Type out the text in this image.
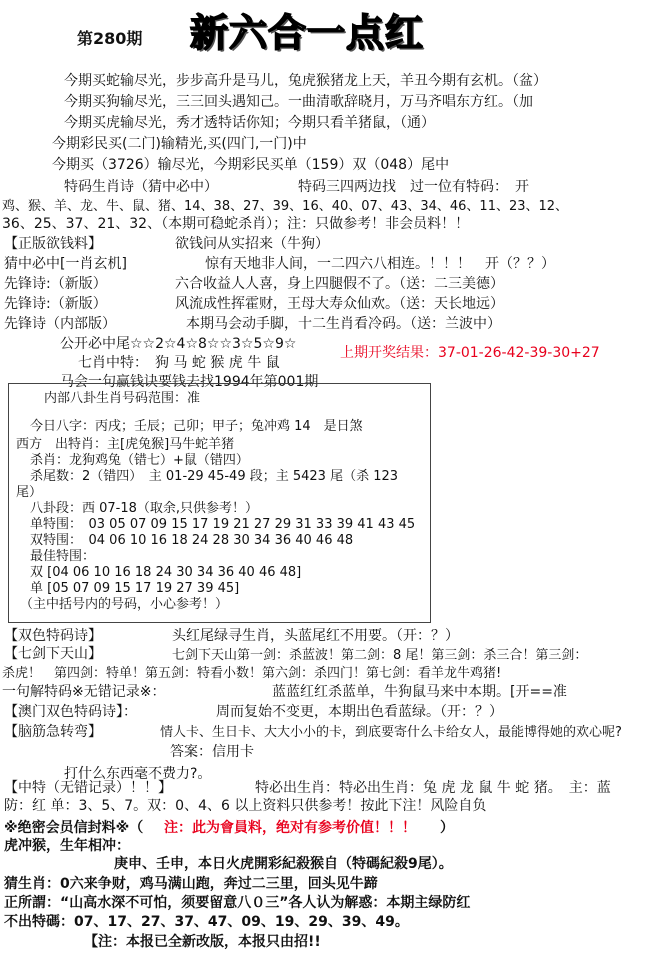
第280期 新六合一点红
今期买蛇输尽光，步步高升是马儿，兔虎猴猪龙上天，羊丑今期有玄机。（盆）
今期买狗输尽光，三三回头遇知己。一曲清歌辞晓月，万马齐唱东方红。（加
今期买虎输尽光，秀才透特话你知；今期只看羊猪鼠，（通）
今期彩民买(二门)输精光,买(四门,一门)中
今期买（3726）输尽光，今期彩民买单（159）双（048）尾中
特码生肖诗（猜中必中）	特码三四两边找　过一位有特码：　开
鸡、猴、羊、龙、牛、鼠、猪、14、38、27、39、16、40、07、43、34、46、11、23、12、
36、25、37、21、32、（本期可稳蛇杀肖）；注：只做参考！非会员料！！
【正版欲钱料】	欲钱问从实招来（牛狗）
猜中必中[一肖玄机]	惊有天地非人间，一二四六八相连。！！！　开（？？）
先锋诗:（新版）	六合收益人人喜，身上四腿假不了。（送：二三美德）
先锋诗:（新版）	风流成性挥霍财，王母大寿众仙欢。（送：天长地远）
先锋诗（内部版）	本期马会动手脚，十二生肖看冷码。（送：兰波中）
公开必中尾☆☆2☆4☆8☆☆3☆5☆9☆
七肖中特：　狗 马 蛇 猴 虎 牛 鼠
上期开奖结果：37-01-26-42-39-30+27
马会一句赢钱诀要钱去找1994年第001期
内部八卦生肖号码范围：准
今日八字：丙戌；壬辰；己卯；甲子；兔冲鸡 14　是日煞
西方　出特肖：主[虎兔猴]马牛蛇羊猪
杀肖：龙狗鸡兔（错七）+鼠（错四）
杀尾数：2（错四）　主 01-29 45-49 段；主 5423 尾（杀 123
尾）
八卦段：西 07-18（取余,只供参考！）
单特围：　03 05 07 09 15 17 19 21 27 29 31 33 39 41 43 45
双特围：　04 06 10 16 18 24 28 30 34 36 40 46 48
最佳特围：
双 [04 06 10 16 18 24 30 34 36 40 46 48]
单 [05 07 09 15 17 19 27 39 45]
（主中括号内的号码，小心参考！）
【双色特码诗】	头红尾绿寻生肖，头蓝尾红不用要。（开：？）
【七剑下天山】	七剑下天山第一剑：杀蓝波！第二剑：8 尾！第三剑：杀三合！第三剑：
杀虎！　第四剑：特单！第五剑：特看小数！第六剑：杀四门！第七剑：看羊龙牛鸡猪!
一句解特码※无错记录※：	蓝蓝红红杀蓝单，牛狗鼠马来中本期。[开==准
【澳门双色特码诗】：	周而复始不变更，本期出色看蓝绿。（开：？）
【脑筋急转弯】	情人卡、生日卡、大大小小的卡，到底要寄什么卡给女人，最能博得她的欢心呢?
答案：信用卡
打什么东西毫不费力?。
【中特（无错记录）！！】	特必出生肖：特必出生肖：兔 虎 龙 鼠 牛 蛇 猪。　主：蓝
防：红 单：3、5、7。双：0、4、6 以上资料只供参考！按此下注！风险自负
※绝密会员信封料※（ 注：此为會員料，绝对有参考价值！！！ ）
虎冲猴，生年相冲：
庚申、壬申，本日火虎開彩紀殺猴自（特碼紀殺9尾）。
猜生肖：0六来争财，鸡马满山跑，奔过二三里，回头见牛蹄
正所謂：“山高水深不可怕，须要留意八０三”各人认为解惑：本期主绿防红
不出特碼：07、17、27、37、47、09、19、29、39、49。
【注：本报已全新改版，本报只由招!!
